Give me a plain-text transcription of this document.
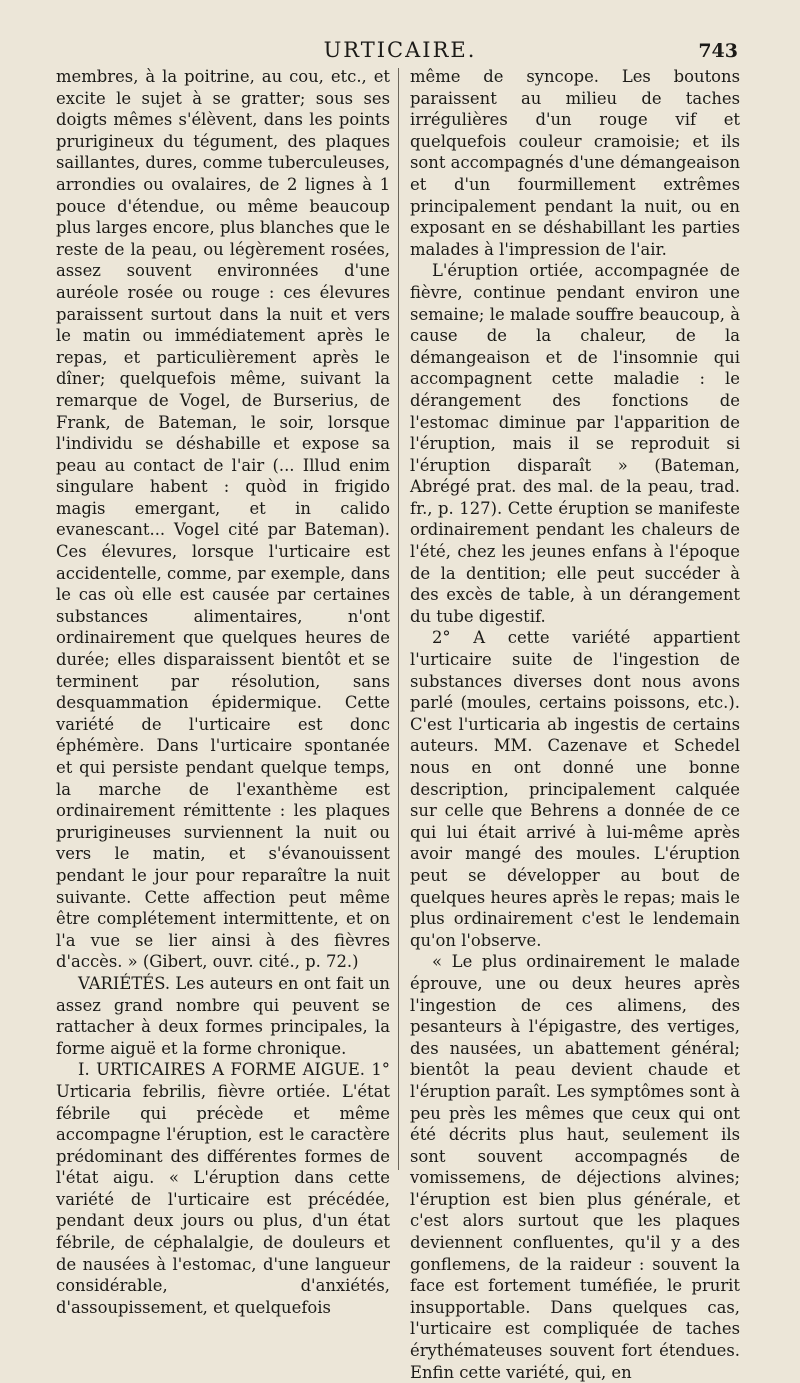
URTICAIRE.	743

membres, à la poitrine, au cou, etc., et excite le sujet à se gratter; sous ses doigts mêmes s'élèvent, dans les points prurigineux du tégument, des plaques saillantes, dures, comme tuberculeuses, arrondies ou ovalaires, de 2 lignes à 1 pouce d'étendue, ou même beaucoup plus larges encore, plus blanches que le reste de la peau, ou légèrement rosées, assez souvent environnées d'une auréole rosée ou rouge : ces élevures paraissent surtout dans la nuit et vers le matin ou immédiatement après le repas, et particulièrement après le dîner; quelquefois même, suivant la remarque de Vogel, de Burserius, de Frank, de Bateman, le soir, lorsque l'individu se déshabille et expose sa peau au contact de l'air (... Illud enim singulare habent : quòd in frigido magis emergant, et in calido evanescant... Vogel cité par Bateman). Ces élevures, lorsque l'urticaire est accidentelle, comme, par exemple, dans le cas où elle est causée par certaines substances alimentaires, n'ont ordinairement que quelques heures de durée; elles disparaissent bientôt et se terminent par résolution, sans desquammation épidermique. Cette variété de l'urticaire est donc éphémère. Dans l'urticaire spontanée et qui persiste pendant quelque temps, la marche de l'exanthème est ordinairement rémittente : les plaques prurigineuses surviennent la nuit ou vers le matin, et s'évanouissent pendant le jour pour reparaître la nuit suivante. Cette affection peut même être complétement intermittente, et on l'a vue se lier ainsi à des fièvres d'accès. » (Gibert, ouvr. cité., p. 72.)

VARIÉTÉS. Les auteurs en ont fait un assez grand nombre qui peuvent se rattacher à deux formes principales, la forme aiguë et la forme chronique.

I. URTICAIRES A FORME AIGUE. 1° Urticaria febrilis, fièvre ortiée. L'état fébrile qui précède et même accompagne l'éruption, est le caractère prédominant des différentes formes de l'état aigu. « L'éruption dans cette variété de l'urticaire est précédée, pendant deux jours ou plus, d'un état fébrile, de céphalalgie, de douleurs et de nausées à l'estomac, d'une langueur considérable, d'anxiétés, d'assoupissement, et quelquefois

même de syncope. Les boutons paraissent au milieu de taches irrégulières d'un rouge vif et quelquefois couleur cramoisie; et ils sont accompagnés d'une démangeaison et d'un fourmillement extrêmes principalement pendant la nuit, ou en exposant en se déshabillant les parties malades à l'impression de l'air.

L'éruption ortiée, accompagnée de fièvre, continue pendant environ une semaine; le malade souffre beaucoup, à cause de la chaleur, de la démangeaison et de l'insomnie qui accompagnent cette maladie : le dérangement des fonctions de l'estomac diminue par l'apparition de l'éruption, mais il se reproduit si l'éruption disparaît » (Bateman, Abrégé prat. des mal. de la peau, trad. fr., p. 127). Cette éruption se manifeste ordinairement pendant les chaleurs de l'été, chez les jeunes enfans à l'époque de la dentition; elle peut succéder à des excès de table, à un dérangement du tube digestif.

2° A cette variété appartient l'urticaire suite de l'ingestion de substances diverses dont nous avons parlé (moules, certains poissons, etc.). C'est l'urticaria ab ingestis de certains auteurs. MM. Cazenave et Schedel nous en ont donné une bonne description, principalement calquée sur celle que Behrens a donnée de ce qui lui était arrivé à lui-même après avoir mangé des moules. L'éruption peut se développer au bout de quelques heures après le repas; mais le plus ordinairement c'est le lendemain qu'on l'observe.

« Le plus ordinairement le malade éprouve, une ou deux heures après l'ingestion de ces alimens, des pesanteurs à l'épigastre, des vertiges, des nausées, un abattement général; bientôt la peau devient chaude et l'éruption paraît. Les symptômes sont à peu près les mêmes que ceux qui ont été décrits plus haut, seulement ils sont souvent accompagnés de vomissemens, de déjections alvines; l'éruption est bien plus générale, et c'est alors surtout que les plaques deviennent confluentes, qu'il y a des gonflemens, de la raideur : souvent la face est fortement tuméfiée, le prurit insupportable. Dans quelques cas, l'urticaire est compliquée de taches érythémateuses souvent fort étendues. Enfin cette variété, qui, en
